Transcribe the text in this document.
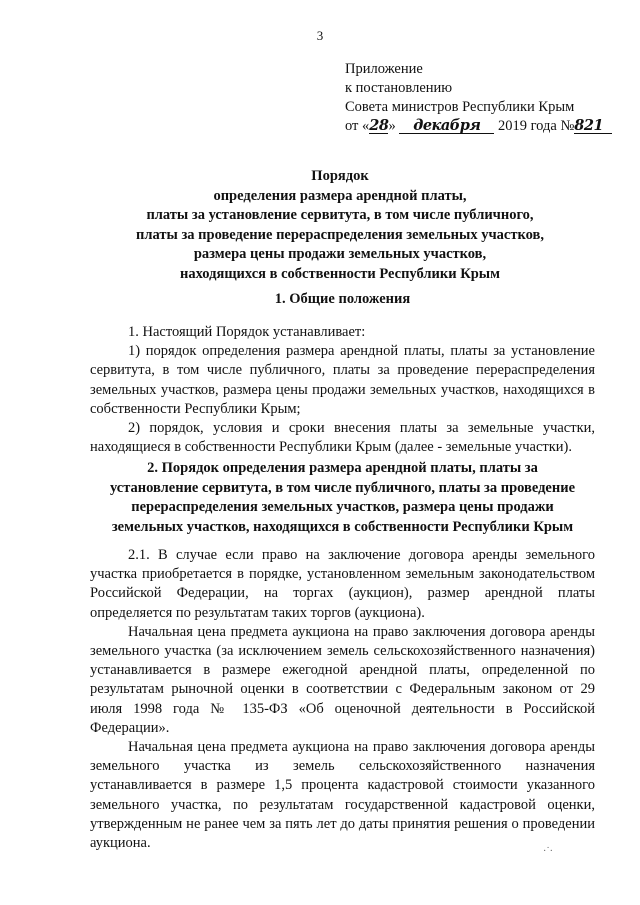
3
Приложение
к постановлению
Совета министров Республики Крым
от «28» декабря 2019 года №821
Порядок
определения размера арендной платы,
платы за установление сервитута, в том числе публичного,
платы за проведение перераспределения земельных участков,
размера цены продажи земельных участков,
находящихся в собственности Республики Крым
1. Общие положения

1. Настоящий Порядок устанавливает:

1) порядок определения размера арендной платы, платы за установление сервитута, в том числе публичного, платы за проведение перераспределения земельных участков, размера цены продажи земельных участков, находящихся в собственности Республики Крым;

2) порядок, условия и сроки внесения платы за земельные участки, находящиеся в собственности Республики Крым (далее - земельные участки).

2. Порядок определения размера арендной платы, платы за
установление сервитута, в том числе публичного, платы за проведение
перераспределения земельных участков, размера цены продажи
земельных участков, находящихся в собственности Республики Крым

2.1. В случае если право на заключение договора аренды земельного участка приобретается в порядке, установленном земельным законодательством Российской Федерации, на торгах (аукцион), размер арендной платы определяется по результатам таких торгов (аукциона).

Начальная цена предмета аукциона на право заключения договора аренды земельного участка (за исключением земель сельскохозяйственного назначения) устанавливается в размере ежегодной арендной платы, определенной по результатам рыночной оценки в соответствии с Федеральным законом от 29 июля 1998 года № 135-ФЗ «Об оценочной деятельности в Российской Федерации».

Начальная цена предмета аукциона на право заключения договора аренды земельного участка из земель сельскохозяйственного назначения устанавливается в размере 1,5 процента кадастровой стоимости указанного земельного участка, по результатам государственной кадастровой оценки, утвержденным не ранее чем за пять лет до даты принятия решения о проведении аукциона.

·˙·
